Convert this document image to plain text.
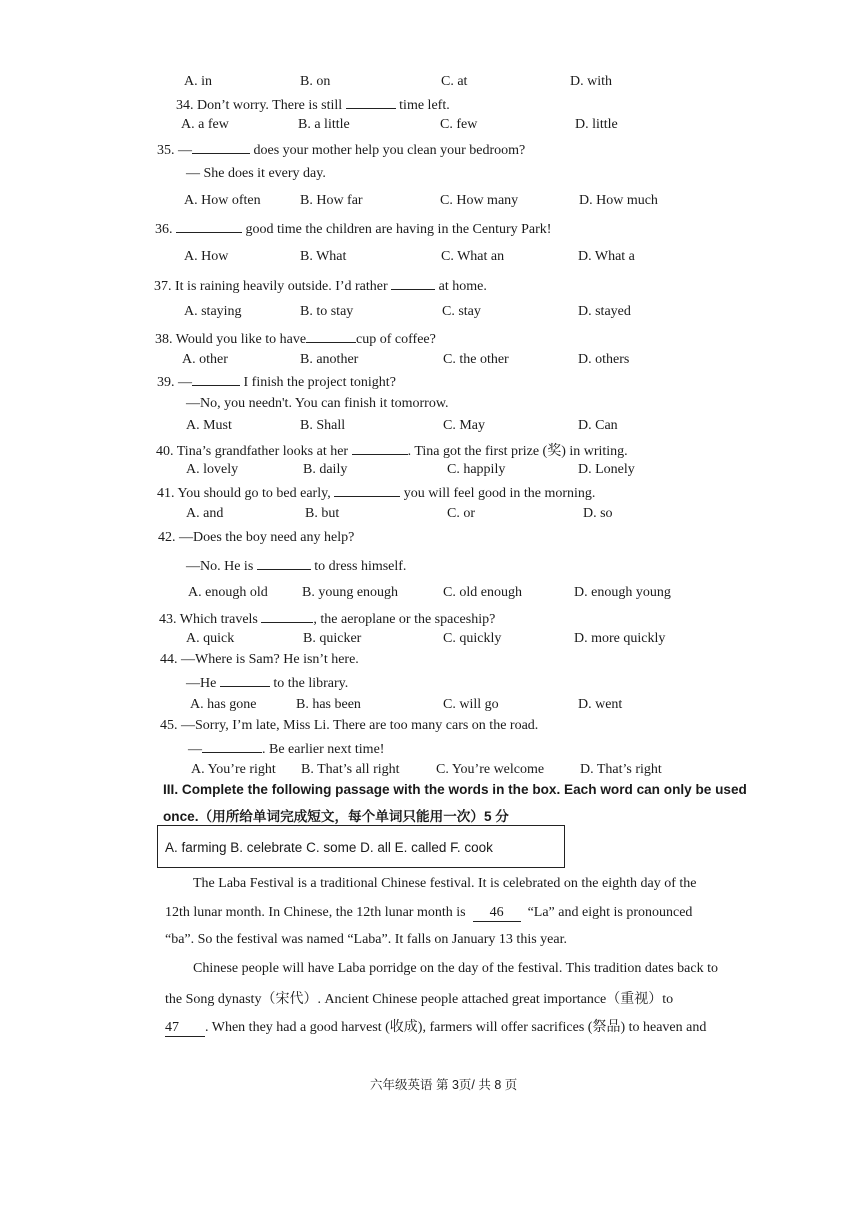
A. in	B. on	C. at	D. with
34. Don’t worry. There is still	time left.
A. a few	B. a little	C. few	D. little
35. —	does your mother help you clean your bedroom?
— She does it every day.
A. How often	B. How far	C. How many	D. How much
36.	good time the children are having in the Century Park!
A. How	B. What	C. What an	D. What a
37. It is raining heavily outside. I’d rather	at home.
A. staying	B. to stay	C. stay	D. stayed
38. Would you like to have	cup of coffee?
A. other	B. another	C. the other	D. others
39. —	I finish the project tonight?
—No, you needn't. You can finish it tomorrow.
A. Must	B. Shall	C. May	D. Can
40. Tina’s grandfather looks at her	. Tina got the first prize (奖) in writing.
A. lovely	B. daily	C. happily	D. Lonely
41. You should go to bed early,	you will feel good in the morning.
A. and	B. but	C. or	D. so
42. —Does the boy need any help?
—No. He is	to dress himself.
A. enough old B. young enough	C. old enough	D. enough young
43. Which travels	, the aeroplane or the spaceship?
A. quick	B. quicker	C. quickly	D. more quickly
44. —Where is Sam? He isn’t here.
—He	to the library.
A. has gone	B. has been	C. will go	D. went
45. —Sorry, I’m late, Miss Li. There are too many cars on the road.
—	. Be earlier next time!
A. You’re right B. That’s all right	C. You’re welcome	D. That’s right
III. Complete the following passage with the words in the box. Each word can only be used
once.（用所给单词完成短文，每个单词只能用一次）5 分
A. farming B. celebrate C. some D. all E. called F. cook
The Laba Festival is a traditional Chinese festival. It is celebrated on the eighth day of the
12th lunar month. In Chinese, the 12th lunar month is 46 “La” and eight is pronounced
“ba”. So the festival was named “Laba”. It falls on January 13 this year.
Chinese people will have Laba porridge on the day of the festival. This tradition dates back to
the Song dynasty（宋代）. Ancient Chinese people attached great importance（重视）to
47 . When they had a good harvest (收成), farmers will offer sacrifices (祭品) to heaven and
六年级英语 第 3页/ 共 8 页
